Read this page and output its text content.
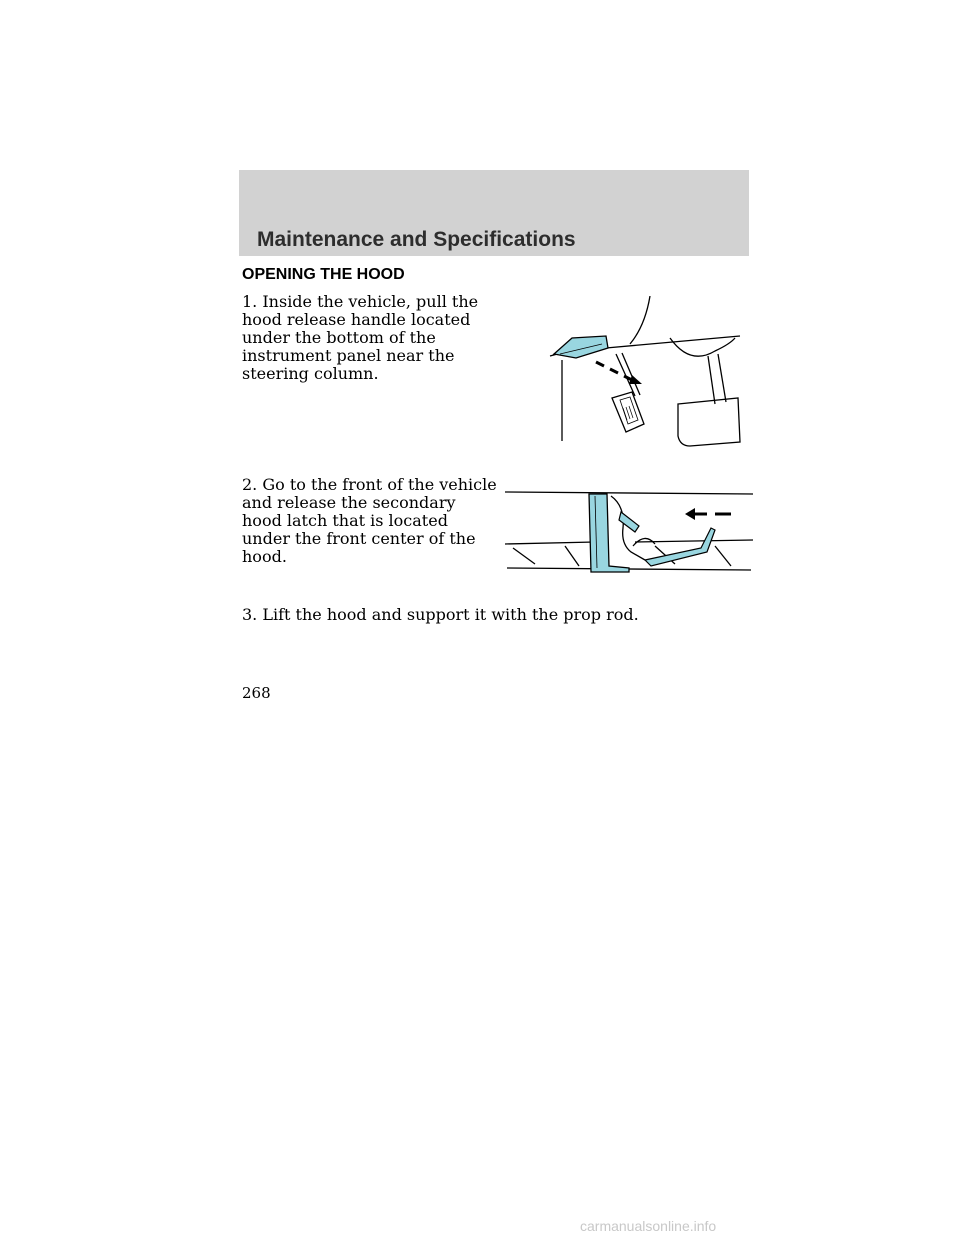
Maintenance and Specifications
OPENING THE HOOD
1. Inside the vehicle, pull the hood release handle located under the bottom of the instrument panel near the steering column.
2. Go to the front of the vehicle and release the secondary hood latch that is located under the front center of the hood.
3. Lift the hood and support it with the prop rod.
268
carmanualsonline.info
